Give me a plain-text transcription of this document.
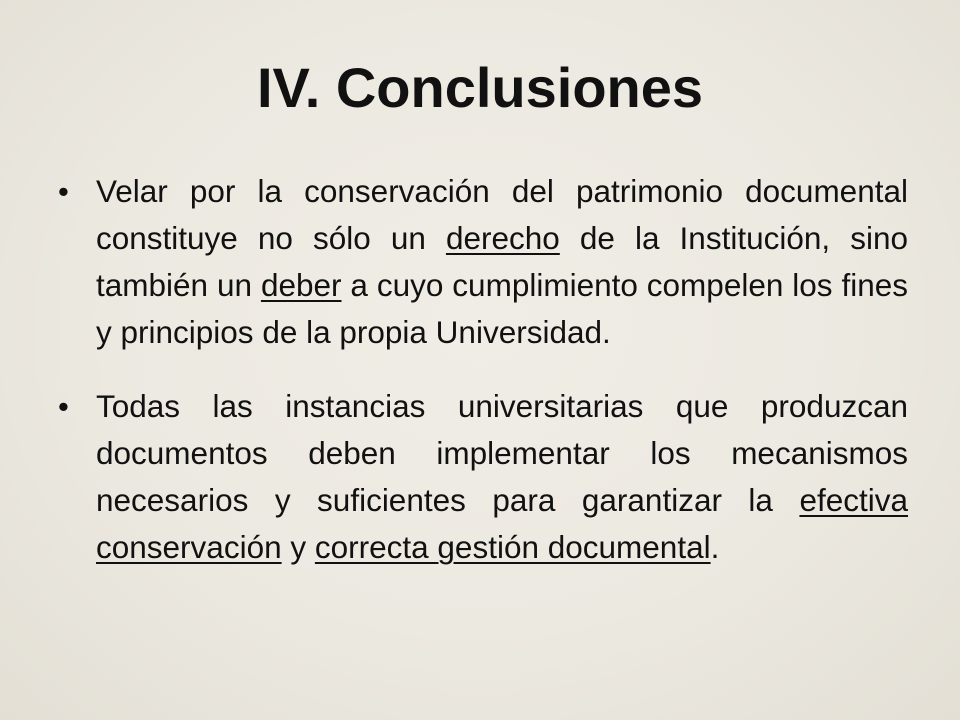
IV. Conclusiones
• Velar por la conservación del patrimonio documental constituye no sólo un derecho de la Institución, sino también un deber a cuyo cumplimiento compelen los fines y principios de la propia Universidad.
• Todas las instancias universitarias que produzcan documentos deben implementar los mecanismos necesarios y suficientes para garantizar la efectiva conservación y correcta gestión documental.
